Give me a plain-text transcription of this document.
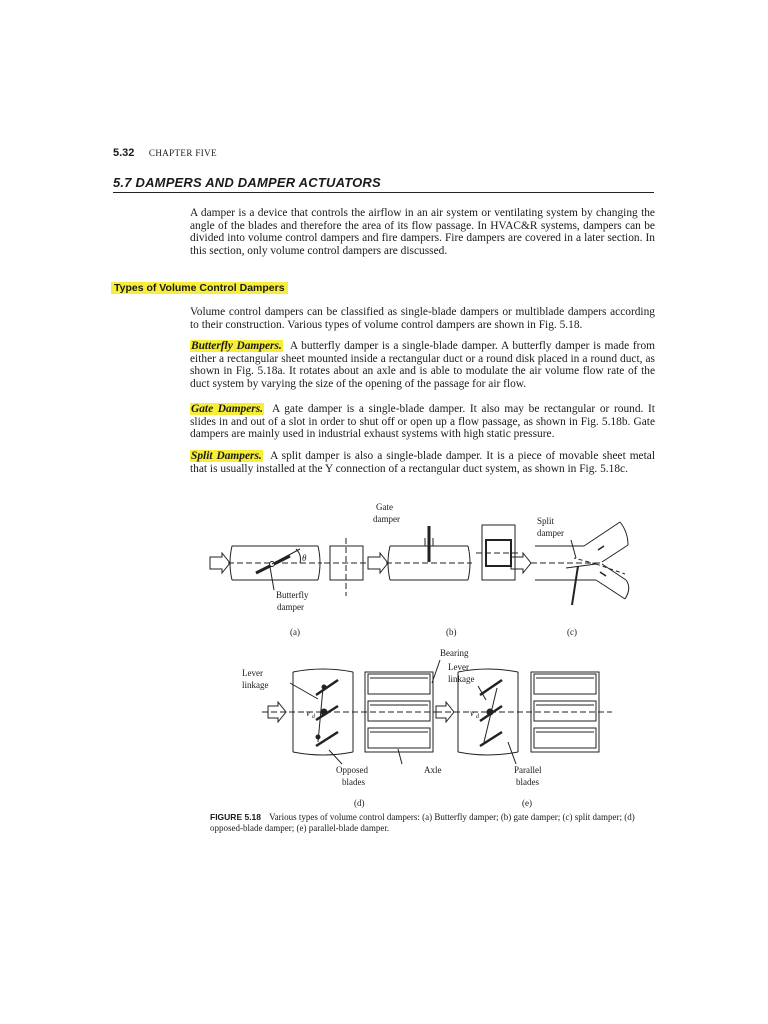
5.32 CHAPTER FIVE
5.7 DAMPERS AND DAMPER ACTUATORS
A damper is a device that controls the airflow in an air system or ventilating system by changing the angle of the blades and therefore the area of its flow passage. In HVAC&R systems, dampers can be divided into volume control dampers and fire dampers. Fire dampers are covered in a later section. In this section, only volume control dampers are discussed.
Types of Volume Control Dampers
Volume control dampers can be classified as single-blade dampers or multiblade dampers according to their construction. Various types of volume control dampers are shown in Fig. 5.18.
Butterfly Dampers. A butterfly damper is a single-blade damper. A butterfly damper is made from either a rectangular sheet mounted inside a rectangular duct or a round disk placed in a round duct, as shown in Fig. 5.18a. It rotates about an axle and is able to modulate the air volume flow rate of the duct system by varying the size of the opening of the passage for air flow.
Gate Dampers. A gate damper is a single-blade damper. It also may be rectangular or round. It slides in and out of a slot in order to shut off or open up a flow passage, as shown in Fig. 5.18b. Gate dampers are mainly used in industrial exhaust systems with high static pressure.
Split Dampers. A split damper is also a single-blade damper. It is a piece of movable sheet metal that is usually installed at the Y connection of a rectangular duct system, as shown in Fig. 5.18c.
Gate
damper	Split
damper
θ
Butterfly
damper
(a)	(b)	(c)
Bearing
Lever
linkage
Lever
linkage
v	v
d	d
Opposed
blades
Axle	Parallel
blades
(d)	(e)
FIGURE 5.18 Various types of volume control dampers: (a) Butterfly damper; (b) gate damper; (c) split damper; (d) opposed-blade damper; (e) parallel-blade damper.
